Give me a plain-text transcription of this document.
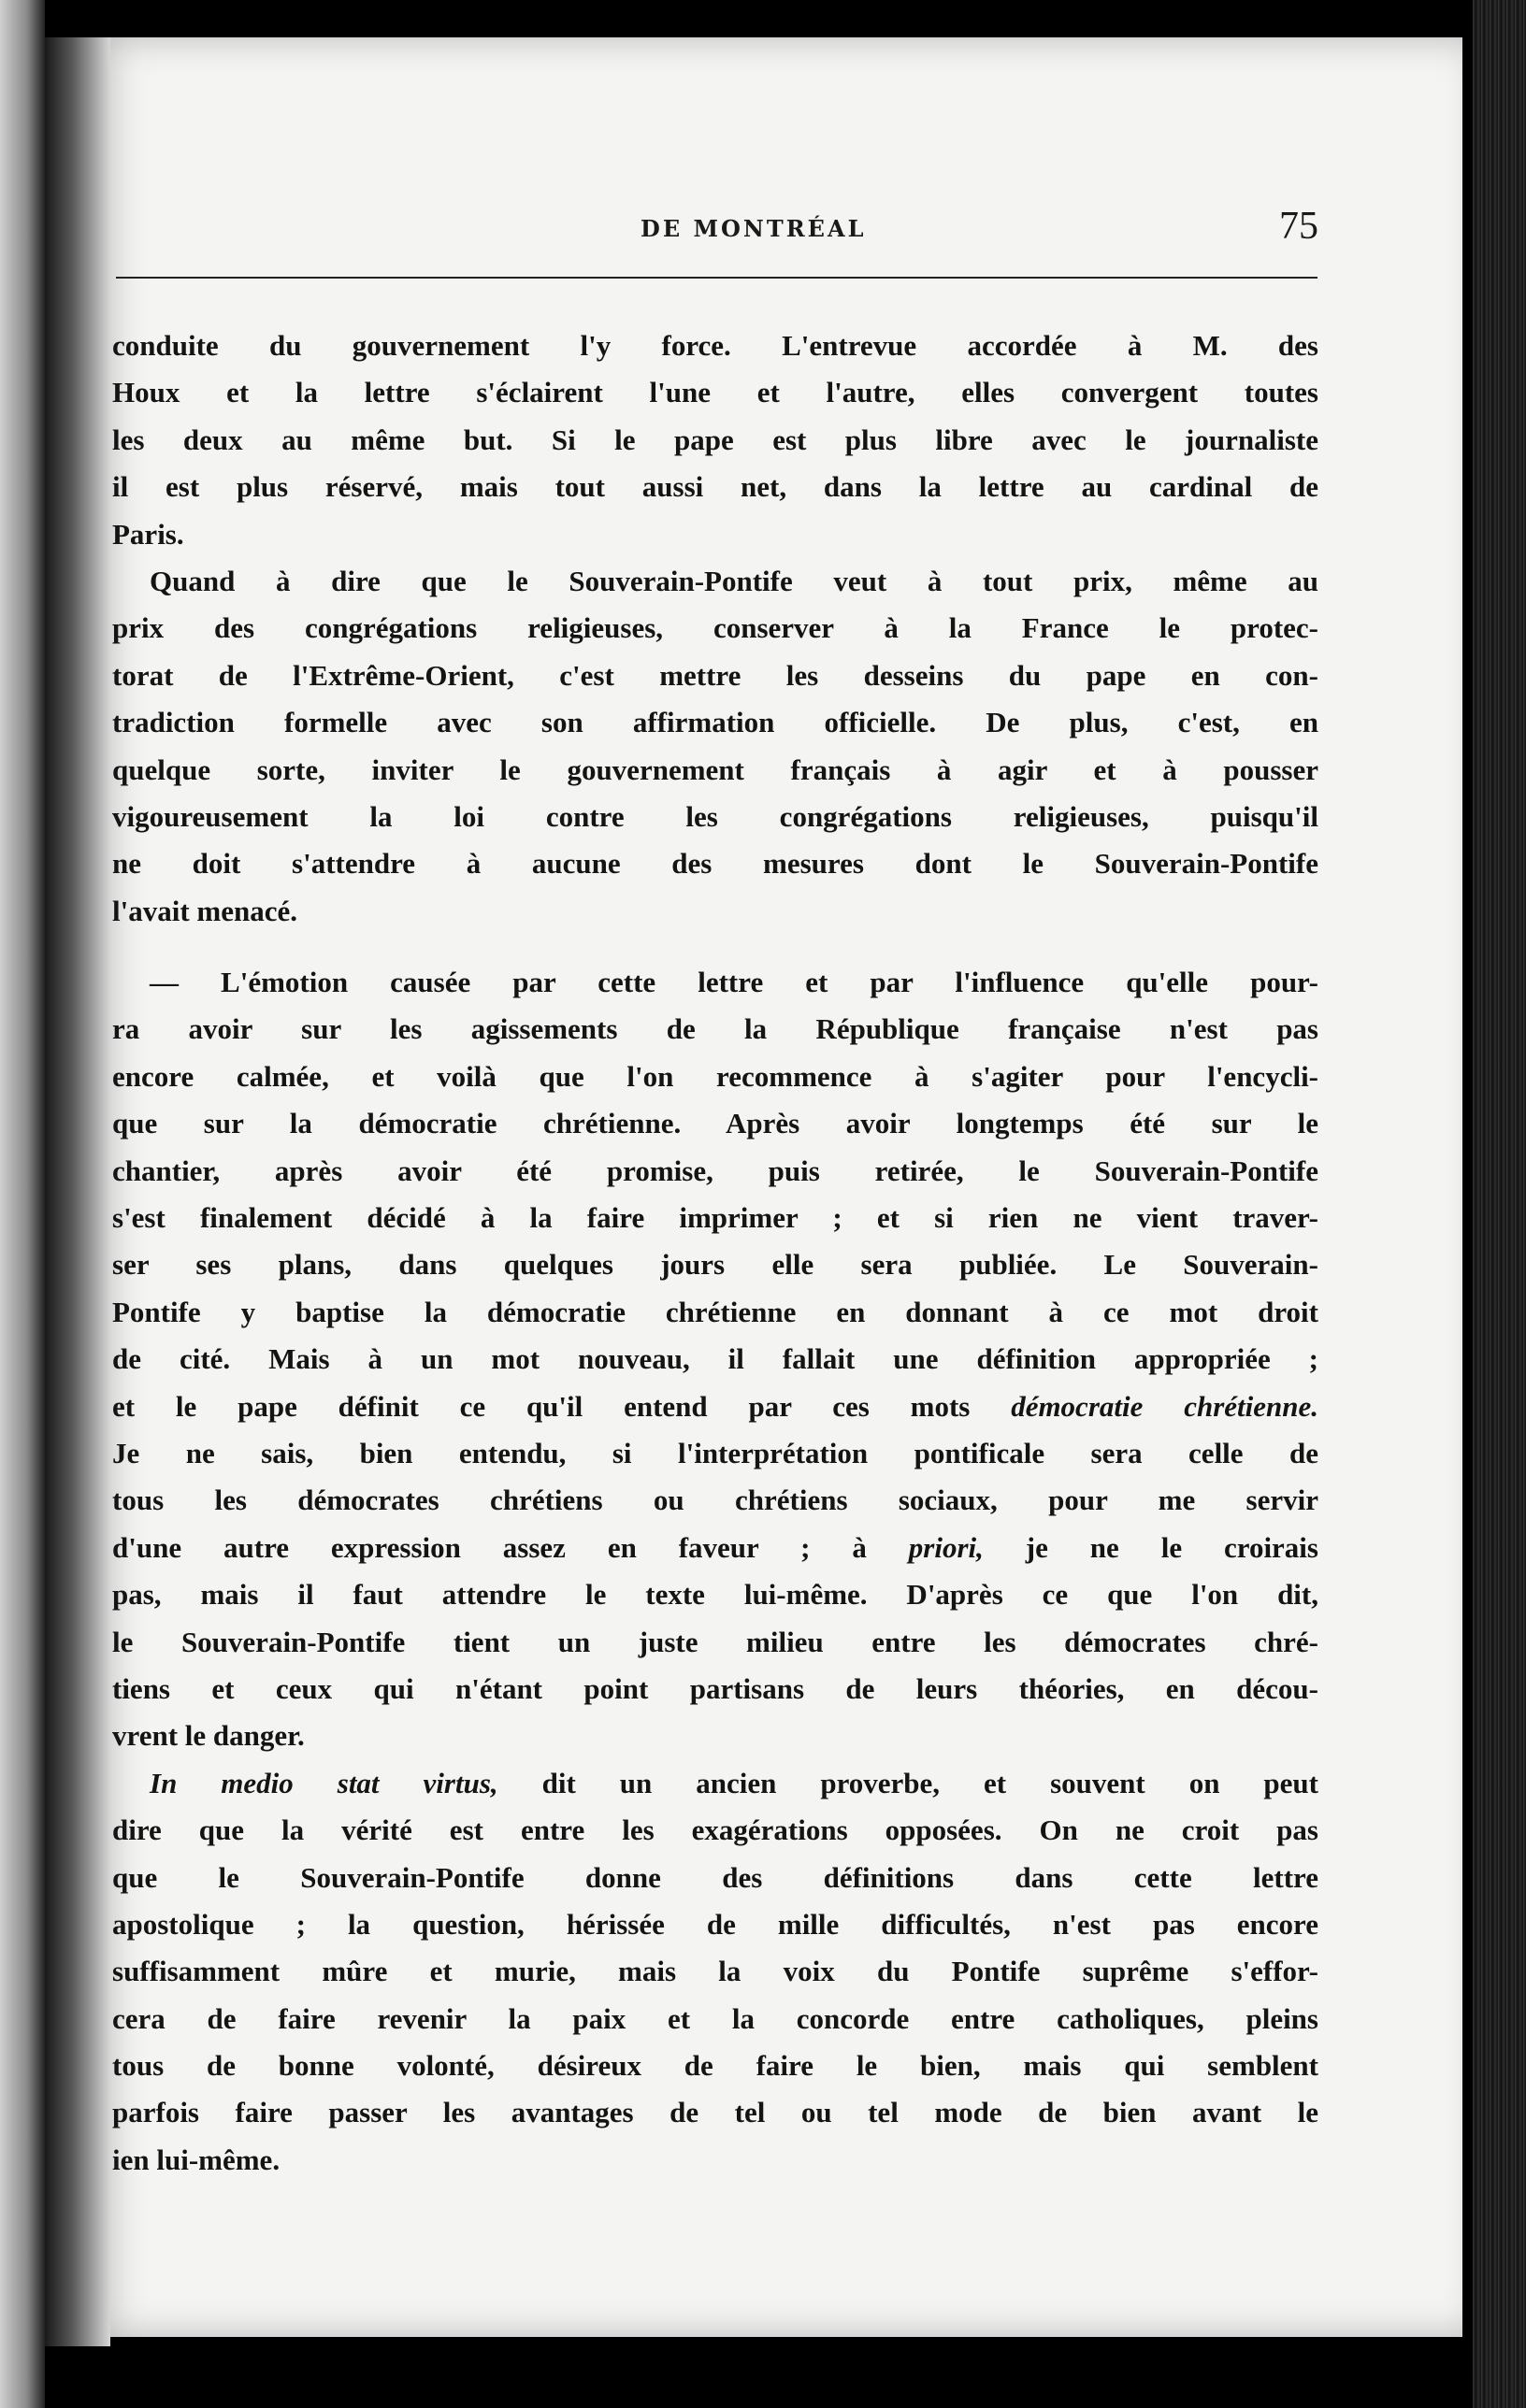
DE MONTRÉAL	75
conduite du gouvernement l'y force. L'entrevue accordée à M. des
Houx et la lettre s'éclairent l'une et l'autre, elles convergent toutes
les deux au même but. Si le pape est plus libre avec le journaliste
il est plus réservé, mais tout aussi net, dans la lettre au cardinal de
Paris.
Quand à dire que le Souverain-Pontife veut à tout prix, même au
prix des congrégations religieuses, conserver à la France le protec-
torat de l'Extrême-Orient, c'est mettre les desseins du pape en con-
tradiction formelle avec son affirmation officielle. De plus, c'est, en
quelque sorte, inviter le gouvernement français à agir et à pousser
vigoureusement la loi contre les congrégations religieuses, puisqu'il
ne doit s'attendre à aucune des mesures dont le Souverain-Pontife
l'avait menacé.
— L'émotion causée par cette lettre et par l'influence qu'elle pour-
ra avoir sur les agissements de la République française n'est pas
encore calmée, et voilà que l'on recommence à s'agiter pour l'encycli-
que sur la démocratie chrétienne. Après avoir longtemps été sur le
chantier, après avoir été promise, puis retirée, le Souverain-Pontife
s'est finalement décidé à la faire imprimer ; et si rien ne vient traver-
ser ses plans, dans quelques jours elle sera publiée. Le Souverain-
Pontife y baptise la démocratie chrétienne en donnant à ce mot droit
de cité. Mais à un mot nouveau, il fallait une définition appropriée ;
et le pape définit ce qu'il entend par ces mots démocratie chrétienne.
Je ne sais, bien entendu, si l'interprétation pontificale sera celle de
tous les démocrates chrétiens ou chrétiens sociaux, pour me servir
d'une autre expression assez en faveur ; à priori, je ne le croirais
pas, mais il faut attendre le texte lui-même. D'après ce que l'on dit,
le Souverain-Pontife tient un juste milieu entre les démocrates chré-
tiens et ceux qui n'étant point partisans de leurs théories, en décou-
vrent le danger.
In medio stat virtus, dit un ancien proverbe, et souvent on peut
dire que la vérité est entre les exagérations opposées. On ne croit pas
que le Souverain-Pontife donne des définitions dans cette lettre
apostolique ; la question, hérissée de mille difficultés, n'est pas encore
suffisamment mûre et murie, mais la voix du Pontife suprême s'effor-
cera de faire revenir la paix et la concorde entre catholiques, pleins
tous de bonne volonté, désireux de faire le bien, mais qui semblent
parfois faire passer les avantages de tel ou tel mode de bien avant le
ien lui-même.
